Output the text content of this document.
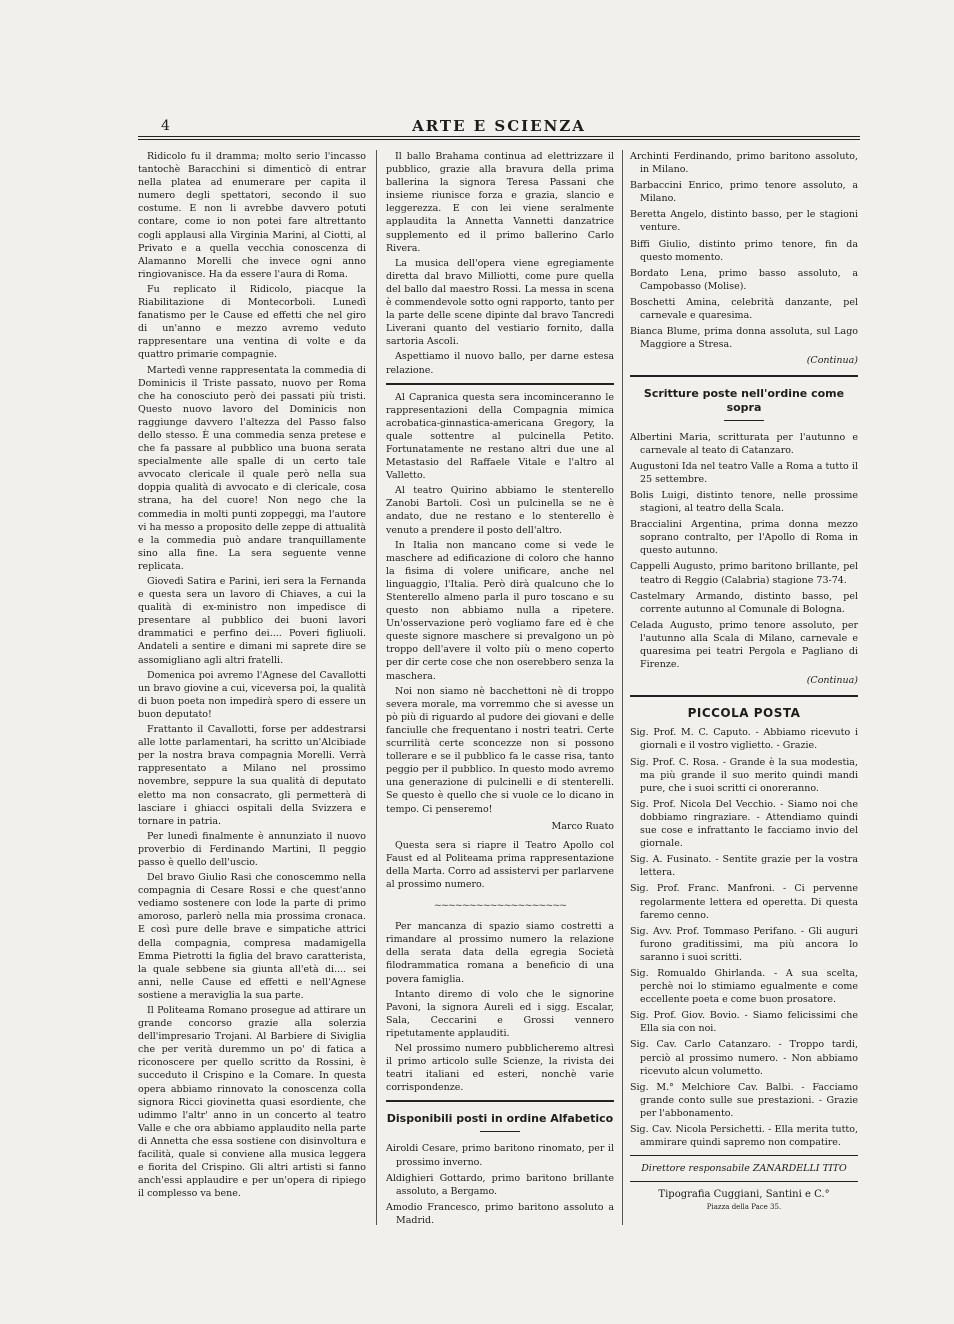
4	ARTE E SCIENZA

Ridicolo fu il dramma; molto serio l'incasso tantochè Baracchini si dimenticò di entrar nella platea ad enumerare per capita il numero degli spettatori, secondo il suo costume. E non li avrebbe davvero potuti contare, come io non potei fare altrettanto cogli applausi alla Virginia Marini, al Ciotti, al Privato e a quella vecchia conoscenza di Alamanno Morelli che invece ogni anno ringiovanisce. Ha da essere l'aura di Roma.

Fu replicato il Ridicolo, piacque la Riabilitazione di Montecorboli. Lunedì fanatismo per le Cause ed effetti che nel giro di un'anno e mezzo avremo veduto rappresentare una ventina di volte e da quattro primarie compagnie.

Martedì venne rappresentata la commedia di Dominicis il Triste passato, nuovo per Roma che ha conosciuto però dei passati più tristi. Questo nuovo lavoro del Dominicis non raggiunge davvero l'altezza del Passo falso dello stesso. È una commedia senza pretese e che fa passare al pubblico una buona serata specialmente alle spalle di un certo tale avvocato clericale il quale però nella sua doppia qualità di avvocato e di clericale, cosa strana, ha del cuore! Non nego che la commedia in molti punti zoppeggi, ma l'autore vi ha messo a proposito delle zeppe di attualità e la commedia può andare tranquillamente sino alla fine. La sera seguente venne replicata.

Giovedì Satira e Parini, ieri sera la Fernanda e questa sera un lavoro di Chiaves, a cui la qualità di ex-ministro non impedisce di presentare al pubblico dei buoni lavori drammatici e perfino dei.... Poveri figliuoli. Andateli a sentire e dimani mi saprete dire se assomigliano agli altri fratelli.

Domenica poi avremo l'Agnese del Cavallotti un bravo giovine a cui, viceversa poi, la qualità di buon poeta non impedirà spero di essere un buon deputato!

Frattanto il Cavallotti, forse per addestrarsi alle lotte parlamentari, ha scritto un'Alcibiade per la nostra brava compagnia Morelli. Verrà rappresentato a Milano nel prossimo novembre, seppure la sua qualità di deputato eletto ma non consacrato, gli permetterà di lasciare i ghiacci ospitali della Svizzera e tornare in patria.

Per lunedì finalmente è annunziato il nuovo proverbio di Ferdinando Martini, Il peggio passo è quello dell'uscio.

Del bravo Giulio Rasi che conoscemmo nella compagnia di Cesare Rossi e che quest'anno vediamo sostenere con lode la parte di primo amoroso, parlerò nella mia prossima cronaca. E così pure delle brave e simpatiche attrici della compagnia, compresa madamigella Emma Pietrotti la figlia del bravo caratterista, la quale sebbene sia giunta all'età di.... sei anni, nelle Cause ed effetti e nell'Agnese sostiene a meraviglia la sua parte.

Il Politeama Romano prosegue ad attirare un grande concorso grazie alla solerzia dell'impresario Trojani. Al Barbiere di Siviglia che per verità duremmo un po' di fatica a riconoscere per quello scritto da Rossini, è succeduto il Crispino e la Comare. In questa opera abbiamo rinnovato la conoscenza colla signora Ricci giovinetta quasi esordiente, che udimmo l'altr' anno in un concerto al teatro Valle e che ora abbiamo applaudito nella parte di Annetta che essa sostiene con disinvoltura e facilità, quale si conviene alla musica leggera e fiorita del Crispino. Gli altri artisti si fanno anch'essi applaudire e per un'opera di ripiego il complesso va bene.

Il ballo Brahama continua ad elettrizzare il pubblico, grazie alla bravura della prima ballerina la signora Teresa Passani che insieme riunisce forza e grazia, slancio e leggerezza. E con lei viene seralmente applaudita la Annetta Vannetti danzatrice supplemento ed il primo ballerino Carlo Rivera.

La musica dell'opera viene egregiamente diretta dal bravo Milliotti, come pure quella del ballo dal maestro Rossi. La messa in scena è commendevole sotto ogni rapporto, tanto per la parte delle scene dipinte dal bravo Tancredi Liverani quanto del vestiario fornito, dalla sartoria Ascoli.

Aspettiamo il nuovo ballo, per darne estesa relazione.

Al Capranica questa sera incominceranno le rappresentazioni della Compagnia mimica acrobatica-ginnastica-americana Gregory, la quale sottentre al pulcinella Petito. Fortunatamente ne restano altri due une al Metastasio del Raffaele Vitale e l'altro al Valletto.

Al teatro Quirino abbiamo le stenterello Zanobi Bartoli. Così un pulcinella se ne è andato, due ne restano e lo stenterello è venuto a prendere il posto dell'altro.

In Italia non mancano come si vede le maschere ad edificazione di coloro che hanno la fisima di volere unificare, anche nel linguaggio, l'Italia. Però dirà qualcuno che lo Stenterello almeno parla il puro toscano e su questo non abbiamo nulla a ripetere. Un'osservazione però vogliamo fare ed è che queste signore maschere si prevalgono un pò troppo dell'avere il volto più o meno coperto per dir certe cose che non oserebbero senza la maschera.

Noi non siamo nè bacchettoni nè di troppo severa morale, ma vorremmo che si avesse un pò più di riguardo al pudore dei giovani e delle fanciulle che frequentano i nostri teatri. Certe scurrilità certe sconcezze non si possono tollerare e se il pubblico fa le casse risa, tanto peggio per il pubblico. In questo modo avremo una generazione di pulcinelli e di stenterelli. Se questo è quello che si vuole ce lo dicano in tempo. Ci penseremo!

Marco Ruato

Questa sera si riapre il Teatro Apollo col Faust ed al Politeama prima rappresentazione della Marta. Corro ad assistervi per parlarvene al prossimo numero.

~~~~~~~~~~~~~~~~~~~

Per mancanza di spazio siamo costretti a rimandare al prossimo numero la relazione della serata data della egregia Società filodrammatica romana a beneficio di una povera famiglia.

Intanto diremo di volo che le signorine Pavoni, la signora Aureli ed i sigg. Escalar, Sala, Ceccarini e Grossi vennero ripetutamente applauditi.

Nel prossimo numero pubblicheremo altresì il primo articolo sulle Scienze, la rivista dei teatri italiani ed esteri, nonchè varie corrispondenze.

Disponibili posti in ordine Alfabetico
Airoldi Cesare, primo baritono rinomato, per il prossimo inverno.
Aldighieri Gottardo, primo baritono brillante assoluto, a Bergamo.
Amodio Francesco, primo baritono assoluto a Madrid.
Archinti Ferdinando, primo baritono assoluto, in Milano.
Barbaccini Enrico, primo tenore assoluto, a Milano.
Beretta Angelo, distinto basso, per le stagioni venture.
Biffi Giulio, distinto primo tenore, fin da questo momento.
Bordato Lena, primo basso assoluto, a Campobasso (Molise).
Boschetti Amina, celebrità danzante, pel carnevale e quaresima.
Bianca Blume, prima donna assoluta, sul Lago Maggiore a Stresa.
(Continua)
Scritture poste nell'ordine come sopra
Albertini Maria, scritturata per l'autunno e carnevale al teato di Catanzaro.
Augustoni Ida nel teatro Valle a Roma a tutto il 25 settembre.
Bolis Luigi, distinto tenore, nelle prossime stagioni, al teatro della Scala.
Braccialini Argentina, prima donna mezzo soprano contralto, per l'Apollo di Roma in questo autunno.
Cappelli Augusto, primo baritono brillante, pel teatro di Reggio (Calabria) stagione 73-74.
Castelmary Armando, distinto basso, pel corrente autunno al Comunale di Bologna.
Celada Augusto, primo tenore assoluto, per l'autunno alla Scala di Milano, carnevale e quaresima pei teatri Pergola e Pagliano di Firenze.
(Continua)
PICCOLA POSTA
Sig. Prof. M. C. Caputo. - Abbiamo ricevuto i giornali e il vostro viglietto. - Grazie.
Sig. Prof. C. Rosa. - Grande è la sua modestia, ma più grande il suo merito quindi mandi pure, che i suoi scritti ci onoreranno.
Sig. Prof. Nicola Del Vecchio. - Siamo noi che dobbiamo ringraziare. - Attendiamo quindi sue cose e infrattanto le facciamo invio del giornale.
Sig. A. Fusinato. - Sentite grazie per la vostra lettera.
Sig. Prof. Franc. Manfroni. - Ci pervenne regolarmente lettera ed operetta. Di questa faremo cenno.
Sig. Avv. Prof. Tommaso Perifano. - Gli auguri furono graditissimi, ma più ancora lo saranno i suoi scritti.
Sig. Romualdo Ghirlanda. - A sua scelta, perchè noi lo stimiamo egualmente e come eccellente poeta e come buon prosatore.
Sig. Prof. Giov. Bovio. - Siamo felicissimi che Ella sia con noi.
Sig. Cav. Carlo Catanzaro. - Troppo tardi, perciò al prossimo numero. - Non abbiamo ricevuto alcun volumetto.
Sig. M.° Melchiore Cav. Balbi. - Facciamo grande conto sulle sue prestazioni. - Grazie per l'abbonamento.
Sig. Cav. Nicola Persichetti. - Ella merita tutto, ammirare quindi sapremo non compatire.
Direttore responsabile ZANARDELLI TITO
Tipografia Cuggiani, Santini e C.°
Piazza della Pace 35.
